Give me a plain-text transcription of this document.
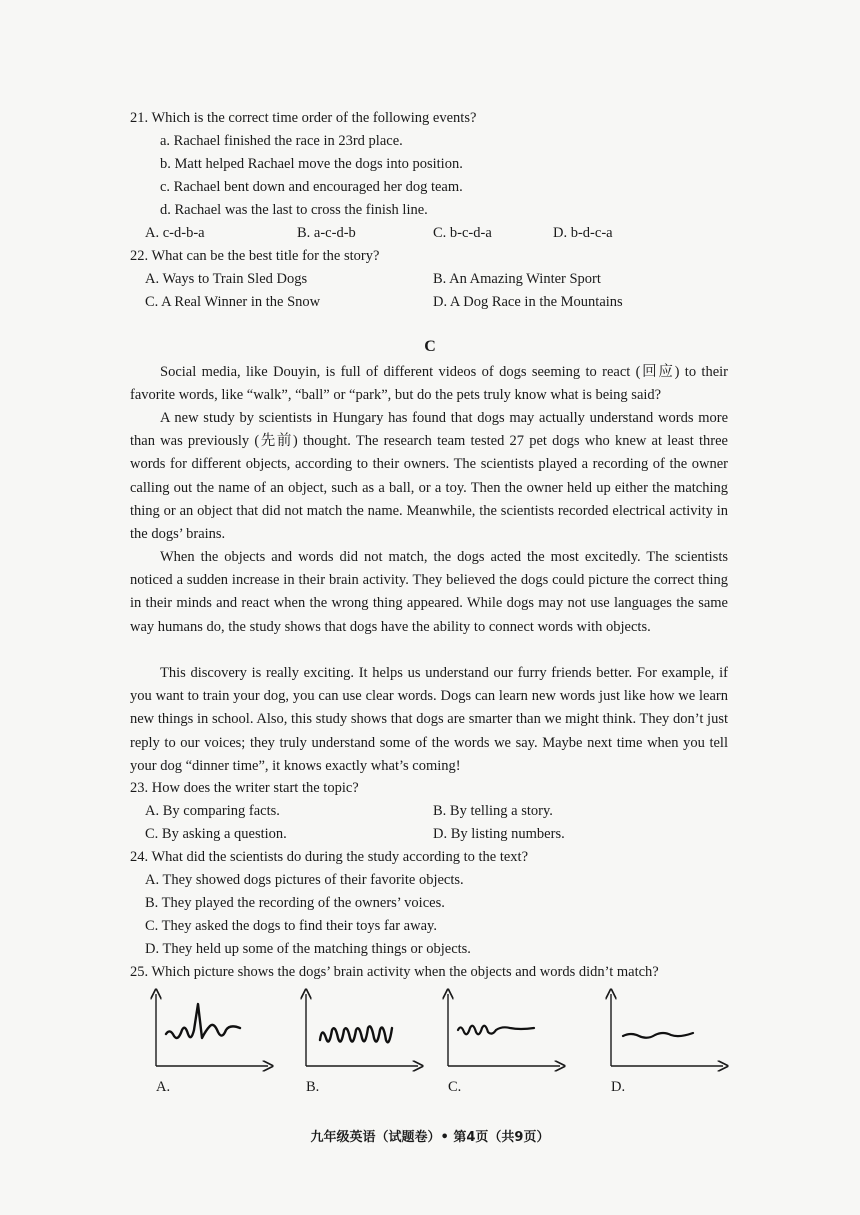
21. Which is the correct time order of the following events?
a. Rachael finished the race in 23rd place.
b. Matt helped Rachael move the dogs into position.
c. Rachael bent down and encouraged her dog team.
d. Rachael was the last to cross the finish line.
A. c-d-b-a	B. a-c-d-b	C. b-c-d-a	D. b-d-c-a
22. What can be the best title for the story?
A. Ways to Train Sled Dogs	B. An Amazing Winter Sport
C. A Real Winner in the Snow	D. A Dog Race in the Mountains
C
Social media, like Douyin, is full of different videos of dogs seeming to react (回应) to their favorite words, like “walk”, “ball” or “park”, but do the pets truly know what is being said?
A new study by scientists in Hungary has found that dogs may actually understand words more than was previously (先前) thought. The research team tested 27 pet dogs who knew at least three words for different objects, according to their owners. The scientists played a recording of the owner calling out the name of an object, such as a ball, or a toy. Then the owner held up either the matching thing or an object that did not match the name. Meanwhile, the scientists recorded electrical activity in the dogs’ brains.
When the objects and words did not match, the dogs acted the most excitedly. The scientists noticed a sudden increase in their brain activity. They believed the dogs could picture the correct thing in their minds and react when the wrong thing appeared. While dogs may not use languages the same way humans do, the study shows that dogs have the ability to connect words with objects.
This discovery is really exciting. It helps us understand our furry friends better. For example, if you want to train your dog, you can use clear words. Dogs can learn new words just like how we learn new things in school. Also, this study shows that dogs are smarter than we might think. They don’t just reply to our voices; they truly understand some of the words we say. Maybe next time when you tell your dog “dinner time”, it knows exactly what’s coming!
23. How does the writer start the topic?
A. By comparing facts.	B. By telling a story.
C. By asking a question.	D. By listing numbers.
24. What did the scientists do during the study according to the text?
A. They showed dogs pictures of their favorite objects.
B. They played the recording of the owners’ voices.
C. They asked the dogs to find their toys far away.
D. They held up some of the matching things or objects.
25. Which picture shows the dogs’ brain activity when the objects and words didn’t match?
A.	B.	C.	D.
九年级英语（试题卷）• 第4页（共9页）
